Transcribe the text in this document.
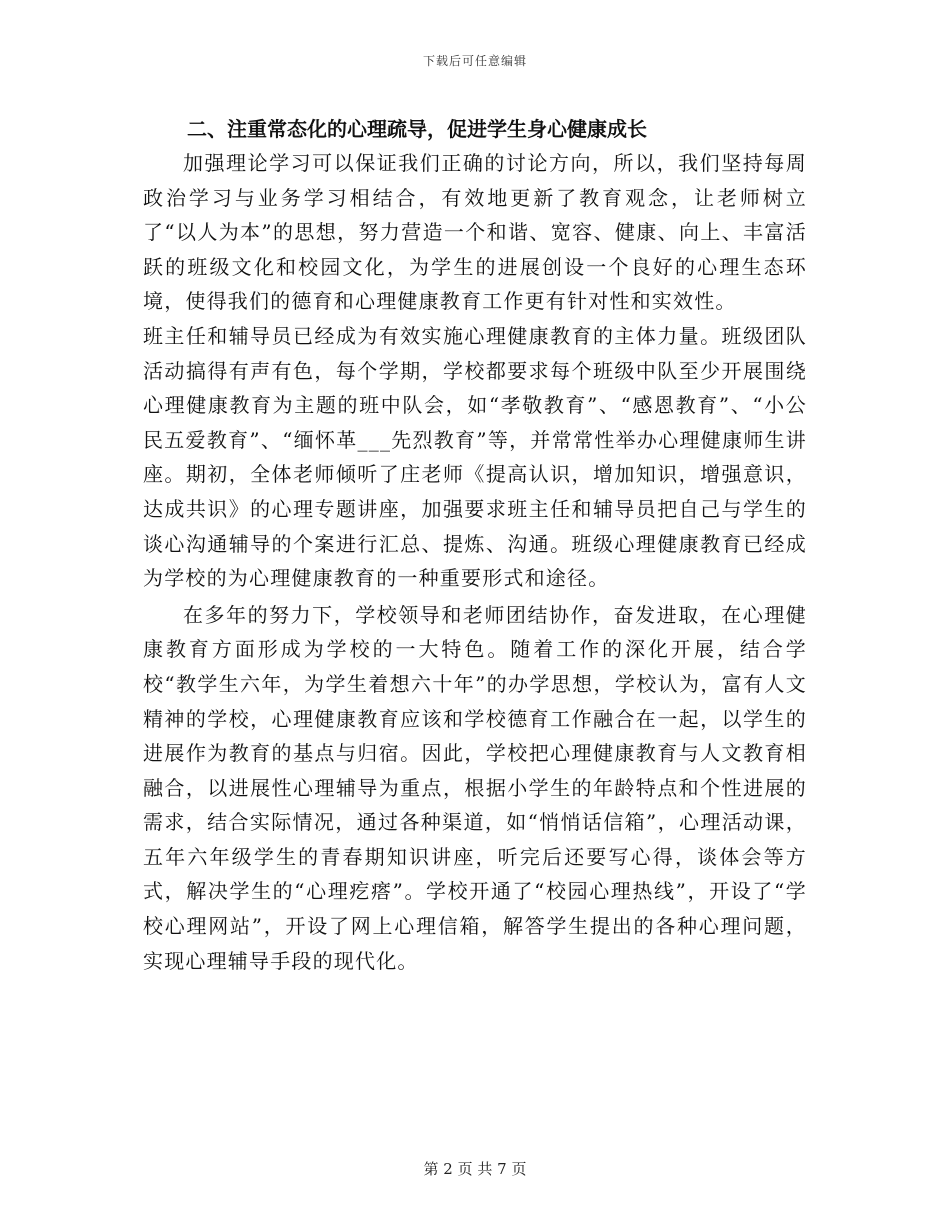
下载后可任意编辑
二、注重常态化的心理疏导，促进学生身心健康成长

加强理论学习可以保证我们正确的讨论方向，所以，我们坚持每周政治学习与业务学习相结合，有效地更新了教育观念，让老师树立了“以人为本”的思想，努力营造一个和谐、宽容、健康、向上、丰富活跃的班级文化和校园文化，为学生的进展创设一个良好的心理生态环境，使得我们的德育和心理健康教育工作更有针对性和实效性。

班主任和辅导员已经成为有效实施心理健康教育的主体力量。班级团队活动搞得有声有色，每个学期，学校都要求每个班级中队至少开展围绕心理健康教育为主题的班中队会，如“孝敬教育”、“感恩教育”、“小公民五爱教育”、“缅怀革___先烈教育”等，并常常性举办心理健康师生讲座。期初，全体老师倾听了庄老师《提高认识，增加知识，增强意识，达成共识》的心理专题讲座，加强要求班主任和辅导员把自己与学生的谈心沟通辅导的个案进行汇总、提炼、沟通。班级心理健康教育已经成为学校的为心理健康教育的一种重要形式和途径。

在多年的努力下，学校领导和老师团结协作，奋发进取，在心理健康教育方面形成为学校的一大特色。随着工作的深化开展，结合学校“教学生六年，为学生着想六十年”的办学思想，学校认为，富有人文精神的学校，心理健康教育应该和学校德育工作融合在一起，以学生的进展作为教育的基点与归宿。因此，学校把心理健康教育与人文教育相融合，以进展性心理辅导为重点，根据小学生的年龄特点和个性进展的需求，结合实际情况，通过各种渠道，如“悄悄话信箱”，心理活动课，五年六年级学生的青春期知识讲座，听完后还要写心得，谈体会等方式，解决学生的“心理疙瘩”。学校开通了“校园心理热线”，开设了“学校心理网站”，开设了网上心理信箱，解答学生提出的各种心理问题，实现心理辅导手段的现代化。

第 2 页 共 7 页
